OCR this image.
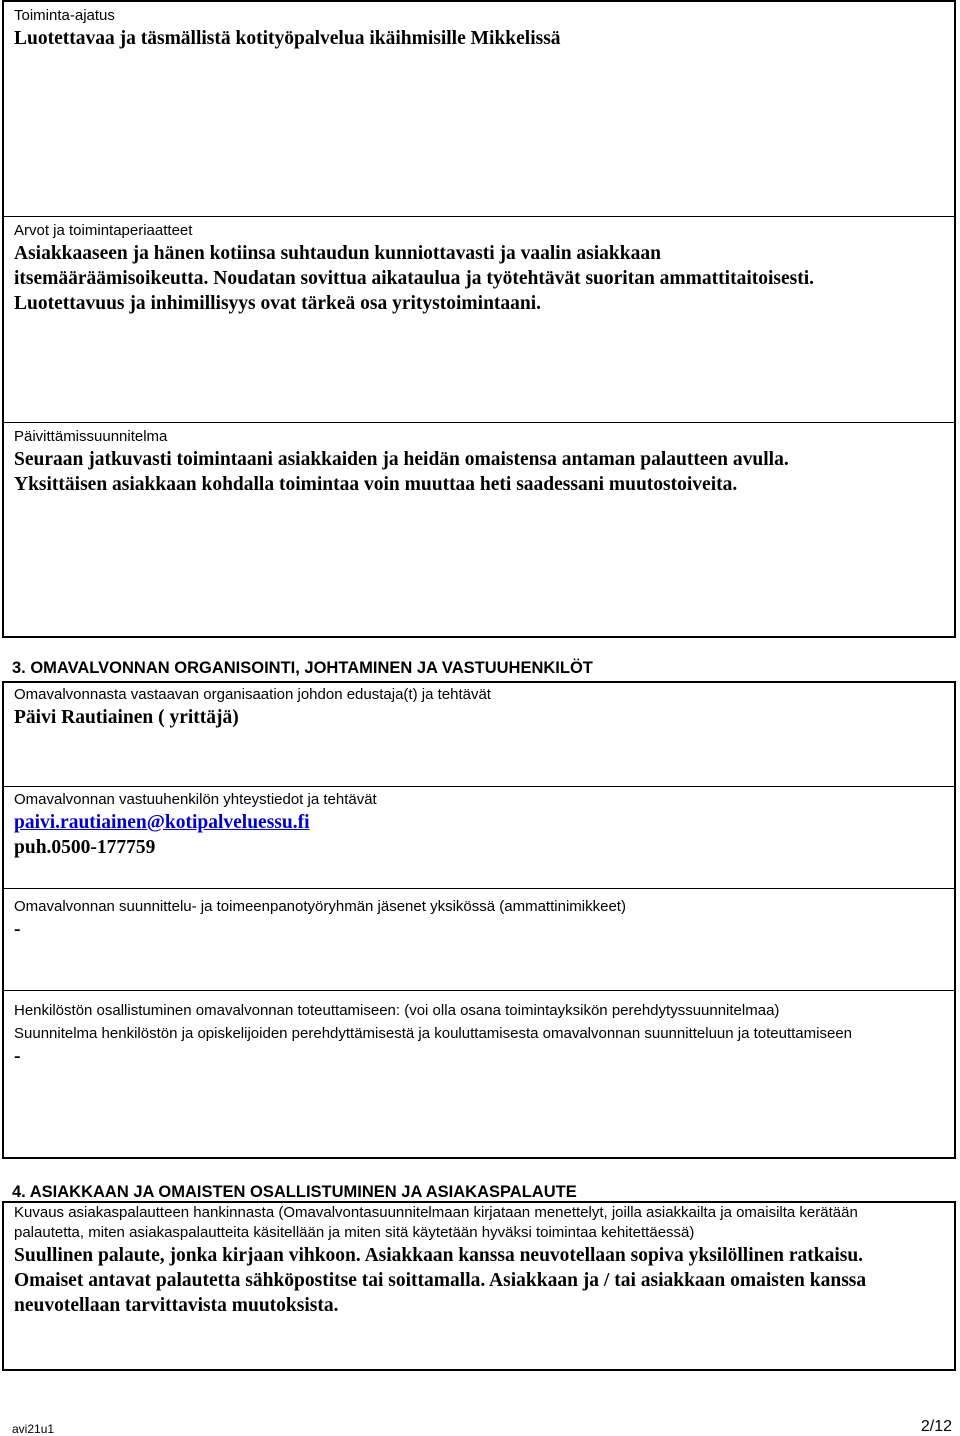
Toiminta-ajatus
Luotettavaa ja täsmällistä kotityöpalvelua ikäihmisille Mikkelissä
Arvot ja toimintaperiaatteet
Asiakkaaseen ja hänen kotiinsa suhtaudun kunniottavasti ja vaalin asiakkaan
itsemääräämisoikeutta. Noudatan sovittua aikataulua ja työtehtävät suoritan ammattitaitoisesti.
Luotettavuus ja inhimillisyys ovat tärkeä osa yritystoimintaani.
Päivittämissuunnitelma
Seuraan jatkuvasti toimintaani asiakkaiden ja heidän omaistensa antaman palautteen avulla.
Yksittäisen asiakkaan kohdalla toimintaa voin muuttaa heti saadessani muutostoiveita.
3. OMAVALVONNAN ORGANISOINTI, JOHTAMINEN JA VASTUUHENKILÖT
Omavalvonnasta vastaavan organisaation johdon edustaja(t) ja tehtävät
Päivi Rautiainen ( yrittäjä)
Omavalvonnan vastuuhenkilön yhteystiedot ja tehtävät
paivi.rautiainen@kotipalveluessu.fi
puh.0500-177759
Omavalvonnan suunnittelu- ja toimeenpanotyöryhmän jäsenet yksikössä (ammattinimikkeet)
-
Henkilöstön osallistuminen omavalvonnan toteuttamiseen: (voi olla osana toimintayksikön perehdytyssuunnitelmaa)
Suunnitelma henkilöstön ja opiskelijoiden perehdyttämisestä ja kouluttamisesta omavalvonnan suunnitteluun ja toteuttamiseen
-
4. ASIAKKAAN JA OMAISTEN OSALLISTUMINEN JA ASIAKASPALAUTE
Kuvaus asiakaspalautteen hankinnasta (Omavalvontasuunnitelmaan kirjataan menettelyt, joilla asiakkailta ja omaisilta kerätään
palautetta, miten asiakaspalautteita käsitellään ja miten sitä käytetään hyväksi toimintaa kehitettäessä)
Suullinen palaute, jonka kirjaan vihkoon. Asiakkaan kanssa neuvotellaan sopiva yksilöllinen ratkaisu.
Omaiset antavat palautetta sähköpostitse tai soittamalla. Asiakkaan ja / tai asiakkaan omaisten kanssa neuvotellaan tarvittavista muutoksista.
avi21u1	2/12
